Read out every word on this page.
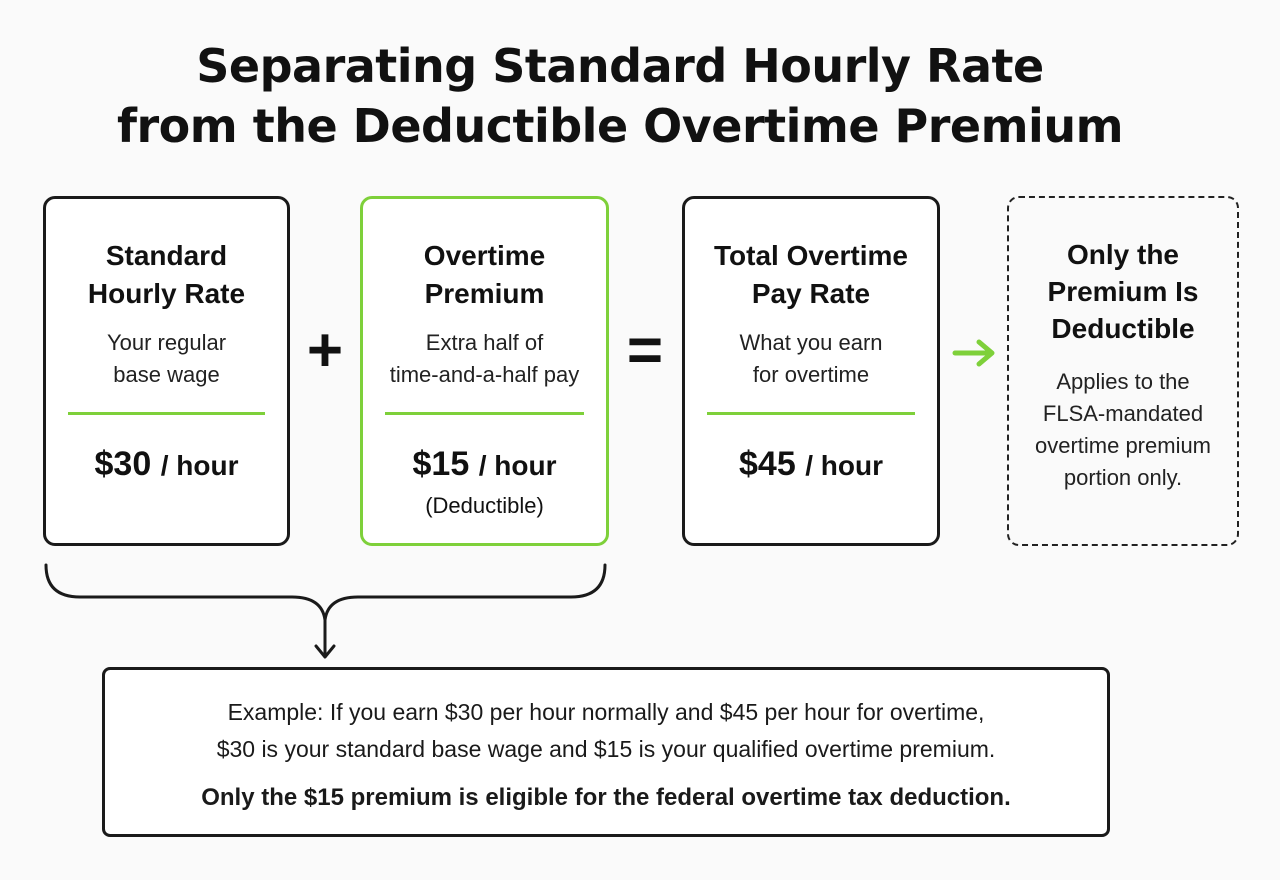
Separating Standard Hourly Rate
from the Deductible Overtime Premium
Standard
Hourly Rate
Your regular
base wage
$30 / hour
+
Overtime
Premium
Extra half of
time-and-a-half pay
$15 / hour
(Deductible)
=
Total Overtime
Pay Rate
What you earn
for overtime
$45 / hour
Only the
Premium Is
Deductible
Applies to the
FLSA-mandated
overtime premium
portion only.
Example: If you earn $30 per hour normally and $45 per hour for overtime,
$30 is your standard base wage and $15 is your qualified overtime premium.
Only the $15 premium is eligible for the federal overtime tax deduction.
